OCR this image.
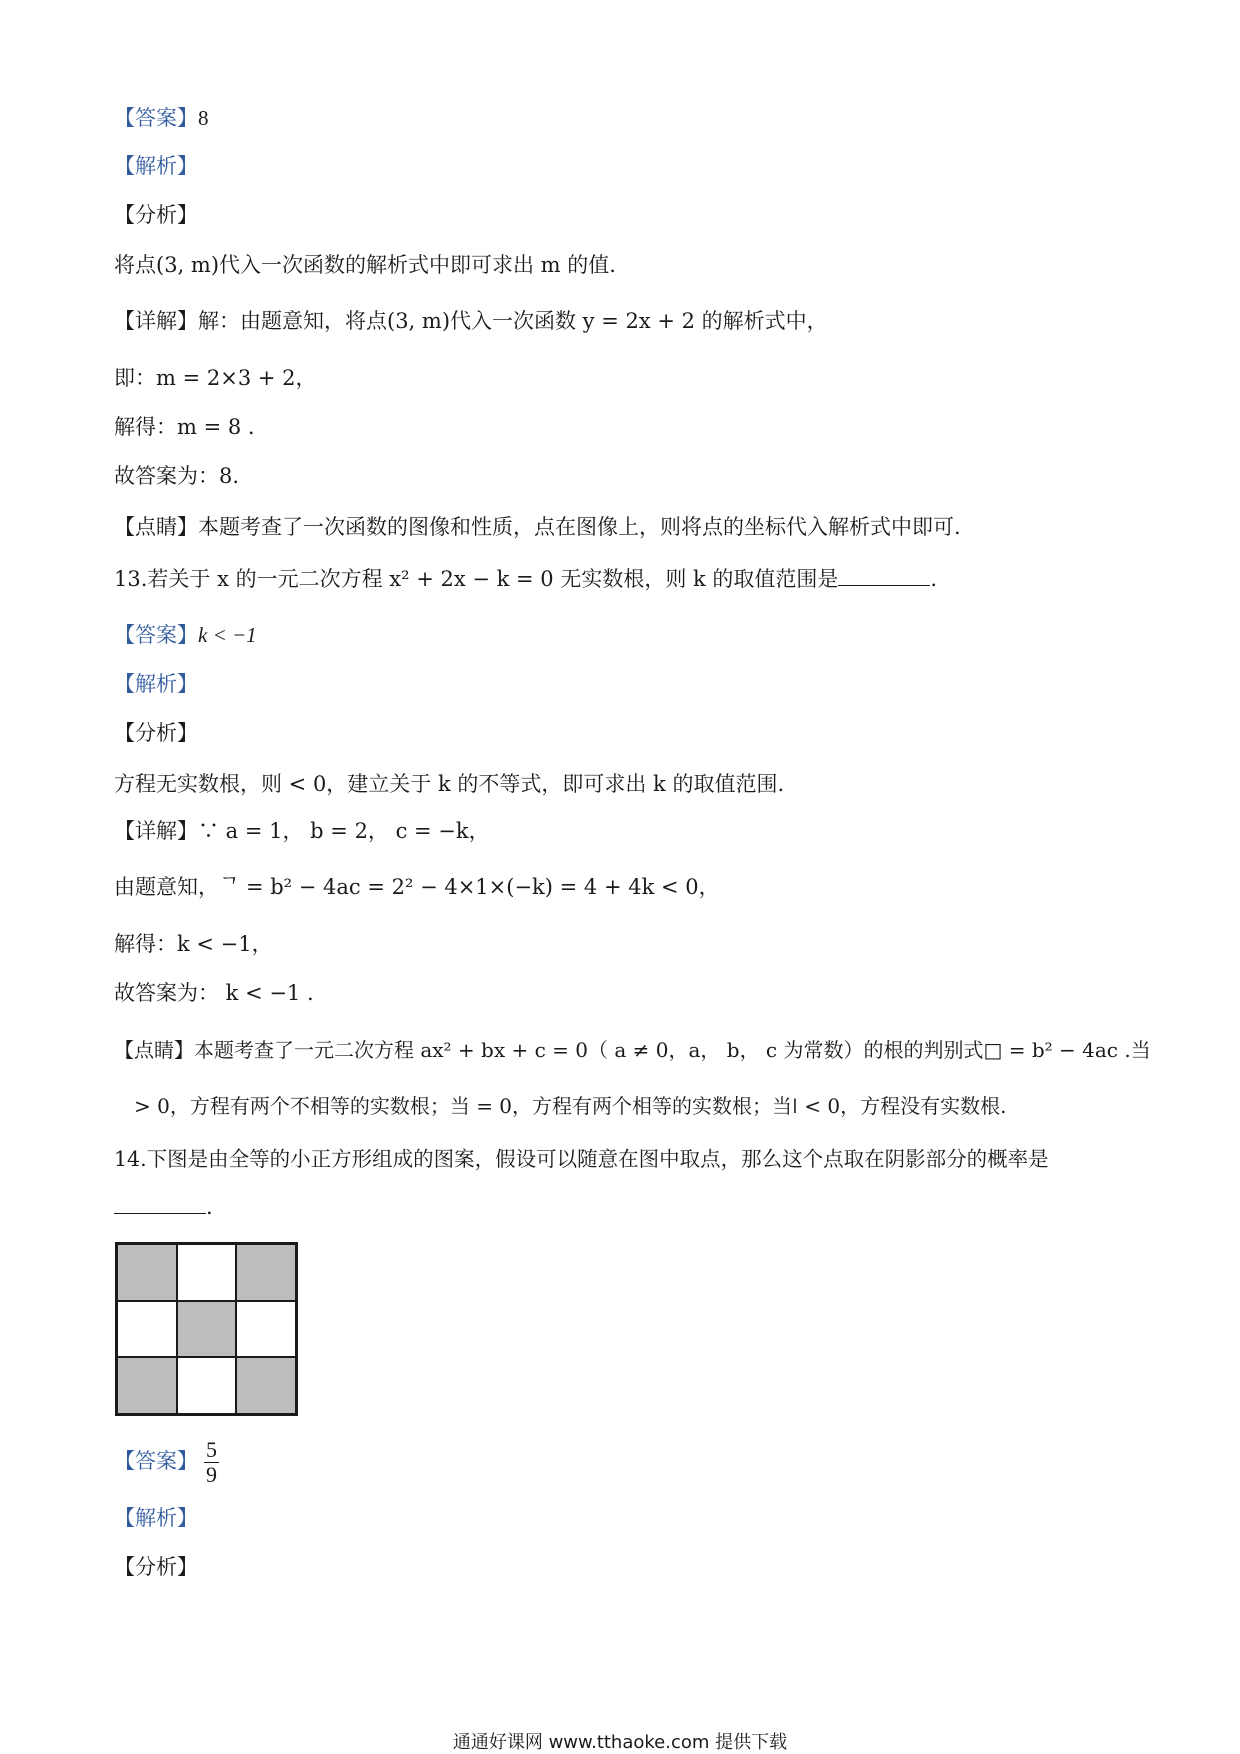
【答案】8
【解析】
【分析】
将点(3, m)代入一次函数的解析式中即可求出 m 的值.
【详解】解：由题意知，将点(3, m)代入一次函数 y = 2x + 2 的解析式中，
即：m = 2×3 + 2，
解得：m = 8 .
故答案为：8.
【点睛】本题考查了一次函数的图像和性质，点在图像上，则将点的坐标代入解析式中即可.
13.若关于 x 的一元二次方程 x² + 2x − k = 0 无实数根，则 k 的取值范围是	.
【答案】k < −1
【解析】
【分析】
方程无实数根，则 < 0，建立关于 k 的不等式，即可求出 k 的取值范围.
【详解】∵ a = 1， b = 2， c = −k，
由题意知，ᄀ = b² − 4ac = 2² − 4×1×(−k) = 4 + 4k < 0，
解得：k < −1，
故答案为： k < −1 .
【点睛】本题考查了一元二次方程 ax² + bx + c = 0（ a ≠ 0，a， b， c 为常数）的根的判别式□ = b² − 4ac .当
> 0，方程有两个不相等的实数根；当 = 0，方程有两个相等的实数根；当ǀ < 0，方程没有实数根.
14.下图是由全等的小正方形组成的图案，假设可以随意在图中取点，那么这个点取在阴影部分的概率是
.
【答案】 $\frac{5}{9}$
【解析】
【分析】
通通好课网 www.tthaoke.com 提供下载
